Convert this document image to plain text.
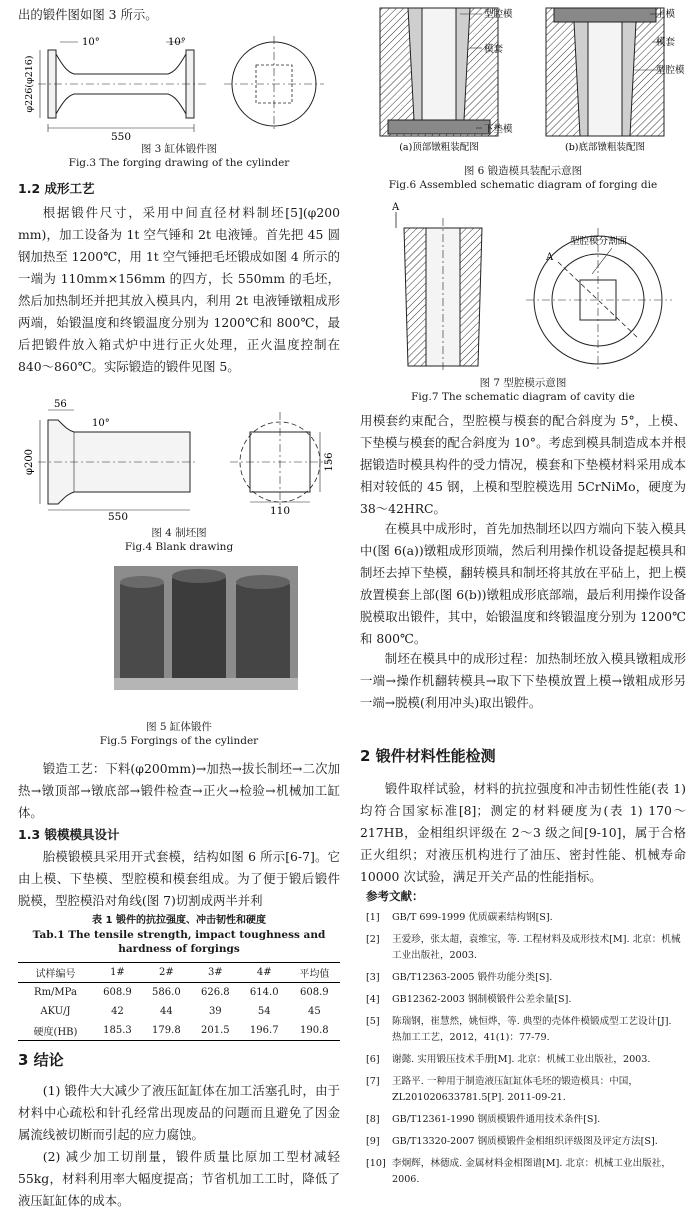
出的锻件图如图 3 所示。

10°	10°
550
φ226(φ216)

图 3 缸体锻件图

Fig.3 The forging drawing of the cylinder

1.2 成形工艺

根据锻件尺寸，采用中间直径材料制坯[5](φ200 mm)，加工设备为 1t 空气锤和 2t 电液锤。首先把 45 圆钢加热至 1200℃，用 1t 空气锤把毛坯锻成如图 4 所示的一端为 110mm×156mm 的四方，长 550mm 的毛坯，然后加热制坯并把其放入模具内，利用 2t 电液锤镦粗成形两端，始锻温度和终锻温度分别为 1200℃和 800℃，最后把锻件放入箱式炉中进行正火处理，正火温度控制在 840～860℃。实际锻造的锻件见图 5。

56
10°
550	110
156
φ200

图 4 制坯图

Fig.4 Blank drawing

图 5 缸体锻件

Fig.5 Forgings of the cylinder

锻造工艺：下料(φ200mm)→加热→拔长制坯→二次加热→镦顶部→镦底部→锻件检查→正火→检验→机械加工缸体。

1.3 锻模模具设计

胎模锻模具采用开式套模，结构如图 6 所示[6-7]。它由上模、下垫模、型腔模和模套组成。为了便于锻后锻件脱模，型腔模沿对角线(图 7)切割成两半并利

表 1 锻件的抗拉强度、冲击韧性和硬度

Tab.1 The tensile strength, impact toughness and

hardness of forgings

试样编号	1#	2#	3#	4#	平均值
Rm/MPa	608.9	586.0	626.8	614.0	608.9
AKU/J	42	44	39	54	45
硬度(HB)	185.3	179.8	201.5	196.7	190.8

3 结论

(1) 锻件大大减少了液压缸缸体在加工活塞孔时，由于材料中心疏松和针孔经常出现废品的问题而且避免了因金属流线被切断而引起的应力腐蚀。

(2) 减少加工切削量，锻件质量比原加工型材减轻 55kg，材料利用率大幅度提高；节省机加工工时，降低了液压缸缸体的成本。

型腔模
模套
下垫模
上模
模套
型腔模
(a)顶部镦粗装配图	(b)底部镦粗装配图

图 6 锻造模具装配示意图

Fig.6 Assembled schematic diagram of forging die

A
A
型腔模分割面

图 7 型腔模示意图

Fig.7 The schematic diagram of cavity die

用模套约束配合，型腔模与模套的配合斜度为 5°，上模、下垫模与模套的配合斜度为 10°。考虑到模具制造成本并根据锻造时模具构件的受力情况，模套和下垫模材料采用成本相对较低的 45 钢，上模和型腔模选用 5CrNiMo，硬度为 38～42HRC。

在模具中成形时，首先加热制坯以四方端向下装入模具中(图 6(a))镦粗成形顶端，然后利用操作机设备提起模具和制坯去掉下垫模，翻转模具和制坯将其放在平砧上，把上模放置模套上部(图 6(b))镦粗成形底部端，最后利用操作设备脱模取出锻件，其中，始锻温度和终锻温度分别为 1200℃和 800℃。

制坯在模具中的成形过程：加热制坯放入模具镦粗成形一端→操作机翻转模具→取下下垫模放置上模→镦粗成形另一端→脱模(利用冲头)取出锻件。

2 锻件材料性能检测

锻件取样试验，材料的抗拉强度和冲击韧性性能(表 1)均符合国家标准[8]；测定的材料硬度为(表 1) 170～217HB，金相组织评级在 2～3 级之间[9-10]，属于合格正火组织；对液压机构进行了油压、密封性能、机械寿命 10000 次试验，满足开关产品的性能指标。

参考文献：

[1]	GB/T 699-1999 优质碳素结构钢[S].
[2]	王爱珍，张太超，袁维宝，等. 工程材料及成形技术[M]. 北京：机械工业出版社，2003.
[3]	GB/T12363-2005 锻件功能分类[S].
[4]	GB12362-2003 钢制模锻件公差余量[S].
[5]	陈瑞钢，崔慧然，姚恒烨，等. 典型的壳体件模锻成型工艺设计[J]. 热加工工艺，2012，41(1)：77-79.
[6]	谢懿. 实用锻压技术手册[M]. 北京：机械工业出版社，2003.
[7]	王路平. 一种用于制造液压缸缸体毛坯的锻造模具：中国，ZL201020633781.5[P]. 2011-09-21.
[8]	GB/T12361-1990 钢质模锻件通用技术条件[S].
[9]	GB/T13320-2007 钢质模锻件金相组织评级图及评定方法[S].
[10] 李炯辉，林德成. 金属材料金相图谱[M]. 北京：机械工业出版社，2006.
